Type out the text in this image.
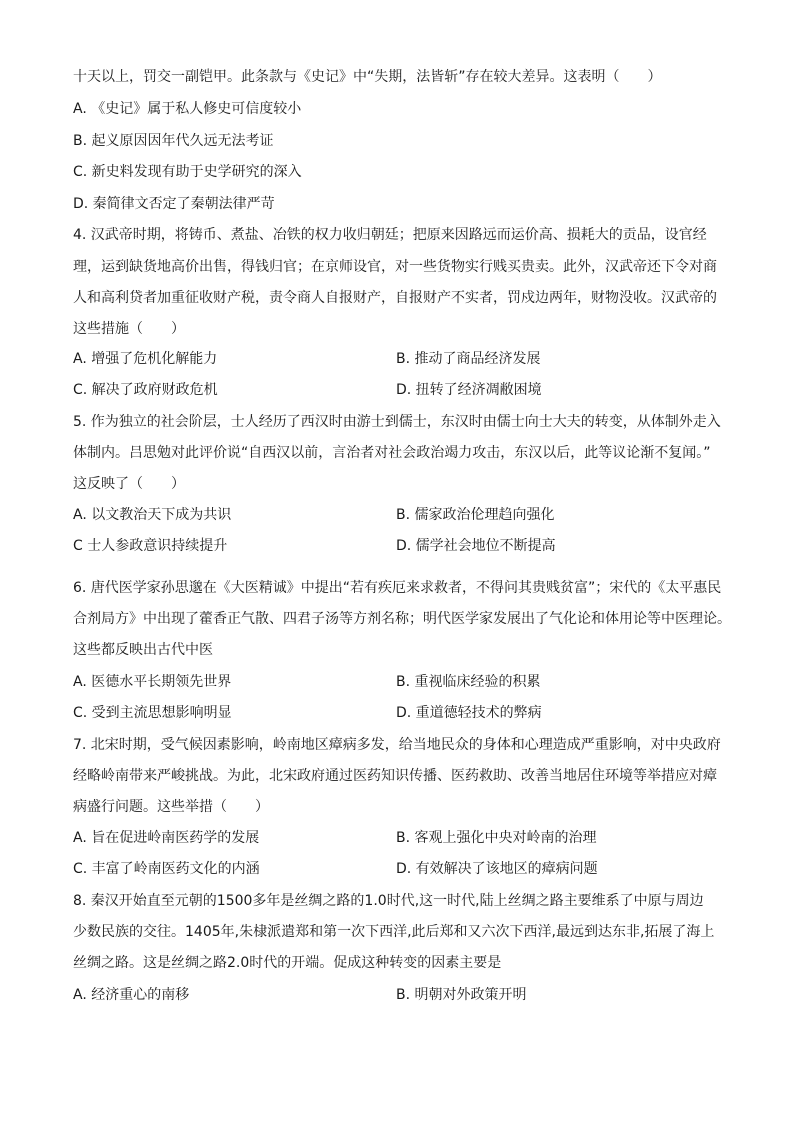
十天以上，罚交一副铠甲。此条款与《史记》中“失期，法皆斩”存在较大差异。这表明（　　）
A. 《史记》属于私人修史可信度较小
B. 起义原因因年代久远无法考证
C. 新史料发现有助于史学研究的深入
D. 秦简律文否定了秦朝法律严苛
4. 汉武帝时期，将铸币、煮盐、冶铁的权力收归朝廷；把原来因路远而运价高、损耗大的贡品，设官经
理，运到缺货地高价出售，得钱归官；在京师设官，对一些货物实行贱买贵卖。此外，汉武帝还下令对商
人和高利贷者加重征收财产税，责令商人自报财产，自报财产不实者，罚戍边两年，财物没收。汉武帝的
这些措施（　　）
A. 增强了危机化解能力	B. 推动了商品经济发展
C. 解决了政府财政危机	D. 扭转了经济凋敝困境
5. 作为独立的社会阶层，士人经历了西汉时由游士到儒士，东汉时由儒士向士大夫的转变，从体制外走入
体制内。吕思勉对此评价说“自西汉以前，言治者对社会政治竭力攻击，东汉以后，此等议论渐不复闻。”
这反映了（　　）
A. 以文教治天下成为共识	B. 儒家政治伦理趋向强化
C 士人参政意识持续提升	D. 儒学社会地位不断提高
6. 唐代医学家孙思邈在《大医精诚》中提出“若有疾厄来求救者，不得问其贵贱贫富”；宋代的《太平惠民
合剂局方》中出现了藿香正气散、四君子汤等方剂名称；明代医学家发展出了气化论和体用论等中医理论。
这些都反映出古代中医
A. 医德水平长期领先世界	B. 重视临床经验的积累
C. 受到主流思想影响明显	D. 重道德轻技术的弊病
7. 北宋时期，受气候因素影响，岭南地区瘴病多发，给当地民众的身体和心理造成严重影响，对中央政府
经略岭南带来严峻挑战。为此，北宋政府通过医药知识传播、医药救助、改善当地居住环境等举措应对瘴
病盛行问题。这些举措（　　）
A. 旨在促进岭南医药学的发展	B. 客观上强化中央对岭南的治理
C. 丰富了岭南医药文化的内涵	D. 有效解决了该地区的瘴病问题
8. 秦汉开始直至元朝的1500多年是丝绸之路的1.0时代,这一时代,陆上丝绸之路主要维系了中原与周边
少数民族的交往。1405年,朱棣派遣郑和第一次下西洋,此后郑和又六次下西洋,最远到达东非,拓展了海上
丝绸之路。这是丝绸之路2.0时代的开端。促成这种转变的因素主要是
A. 经济重心的南移	B. 明朝对外政策开明
